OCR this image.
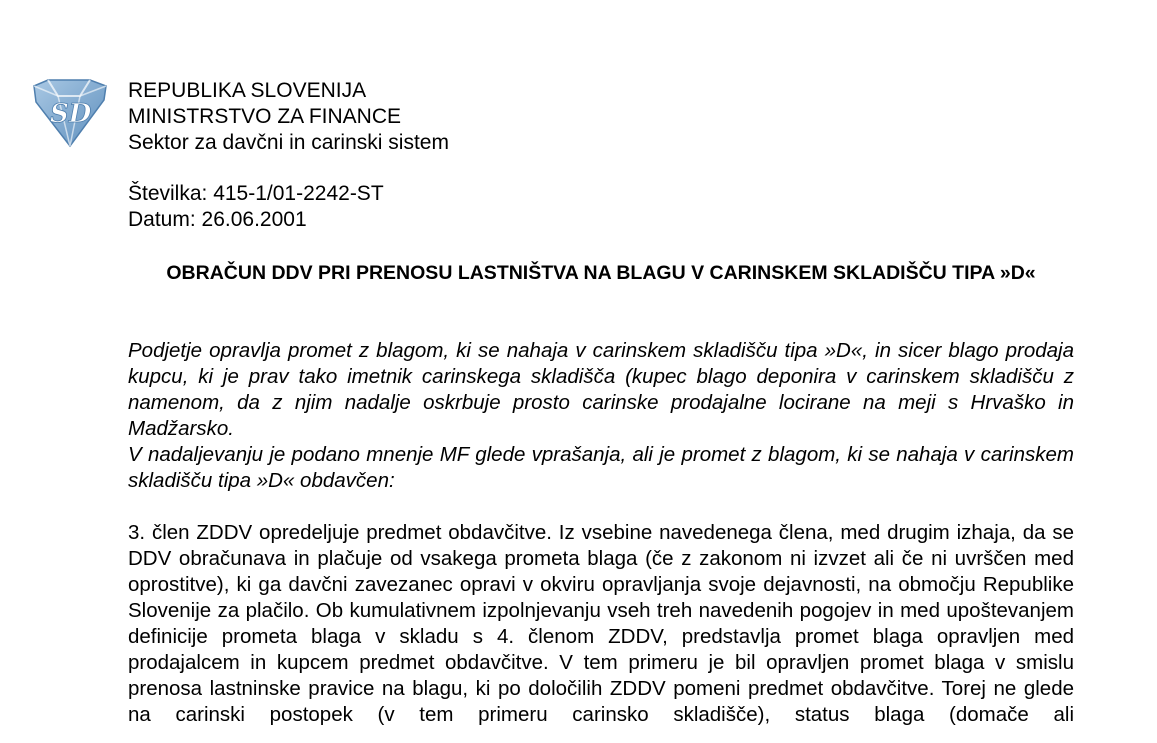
SD
REPUBLIKA SLOVENIJA
MINISTRSTVO ZA FINANCE
Sektor za davčni in carinski sistem
Številka: 415-1/01-2242-ST
Datum: 26.06.2001
OBRAČUN DDV PRI PRENOSU LASTNIŠTVA NA BLAGU V CARINSKEM SKLADIŠČU TIPA »D«

Podjetje opravlja promet z blagom, ki se nahaja v carinskem skladišču tipa »D«, in sicer blago prodaja kupcu, ki je prav tako imetnik carinskega skladišča (kupec blago deponira v carinskem skladišču z namenom, da z njim nadalje oskrbuje prosto carinske prodajalne locirane na meji s Hrvaško in Madžarsko.

V nadaljevanju je podano mnenje MF glede vprašanja, ali je promet z blagom, ki se nahaja v carinskem skladišču tipa »D« obdavčen:

3. člen ZDDV opredeljuje predmet obdavčitve. Iz vsebine navedenega člena, med drugim izhaja, da se DDV obračunava in plačuje od vsakega prometa blaga (če z zakonom ni izvzet ali če ni uvrščen med oprostitve), ki ga davčni zavezanec opravi v okviru opravljanja svoje dejavnosti, na območju Republike Slovenije za plačilo. Ob kumulativnem izpolnjevanju vseh treh navedenih pogojev in med upoštevanjem definicije prometa blaga v skladu s 4. členom ZDDV, predstavlja promet blaga opravljen med prodajalcem in kupcem predmet obdavčitve. V tem primeru je bil opravljen promet blaga v smislu prenosa lastninske pravice na blagu, ki po določilih ZDDV pomeni predmet obdavčitve. Torej ne glede na carinski postopek (v tem primeru carinsko skladišče), status blaga (domače ali
